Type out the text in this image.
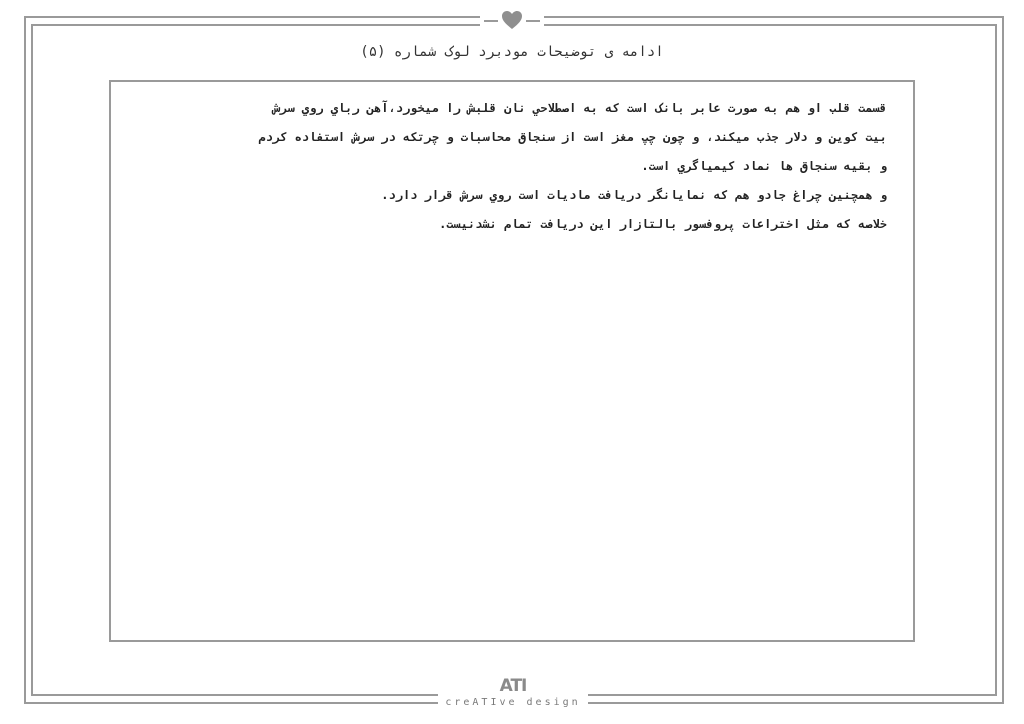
ادامه ی توضیحات مودبرد لوک شماره (۵)
قسمت قلب او هم به صورت عابر بانک است که به اصطلاحي نان قلبش را ميخورد،آهن رباي روي سرش
بيت كوين و دلار جذب ميكند، و چون چپ مغز است از سنجاق محاسبات و چرتكه در سرش استفاده كردم
و بقيه سنجاق ها نماد كيمياگري است.
و همچنين چراغ جادو هم كه نمايانگر دريافت ماديات است روي سرش قرار دارد.
خلاصه كه مثل اختراعات پروفسور بالتازار اين دريافت تمام نشدنيست.
ATI
creATIve design
